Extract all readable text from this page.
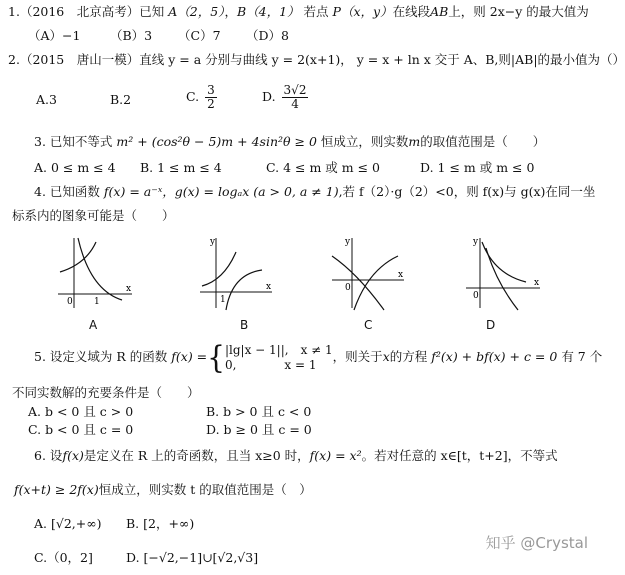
1.（2016　北京高考）已知 A（2，5），B（4，1） 若点 P（x，y）在线段AB上，则 2x−y 的最大值为
（A）−1 （B）3 （C）7 （D）8
2.（2015　唐山一模）直线 y = a 分别与曲线 y = 2(x+1)， y = x + ln x 交于 A、B,则|AB|的最小值为（）
A.3	B.2	C. $\frac{3}{2}$	D. $\frac{3√2}{4}$
3. 已知不等式 m² + (cos²θ − 5)m + 4sin²θ ≥ 0 恒成立，则实数m的取值范围是（　　）
A. 0 ≤ m ≤ 4 B. 1 ≤ m ≤ 4	C. 4 ≤ m 或 m ≤ 0	D. 1 ≤ m 或 m ≤ 0
4. 已知函数 f(x) = a⁻ˣ，g(x) = logₐx (a > 0, a ≠ 1),若 f（2）·g（2）<0，则 f(x)与 g(x)在同一坐
标系内的图象可能是（　　）
0 1
x
A
y
1
x
B
y
0
x
C
y
0
x
D
5. 设定义域为 R 的函数 f(x) ={ |lg|x − 1||,　x ≠ 1
0,　　　　x = 1
，则关于x的方程 f²(x) + bf(x) + c = 0 有 7 个
不同实数解的充要条件是（　　）
A. b < 0 且 c > 0	B. b > 0 且 c < 0
C. b < 0 且 c = 0	D. b ≥ 0 且 c = 0
6. 设f(x)是定义在 R 上的奇函数，且当 x≥0 时，f(x) = x²。若对任意的 x∈[t，t+2]，不等式
f(x+t) ≥ 2f(x)恒成立，则实数 t 的取值范围是（　）
A. [√2,+∞) B. [2，+∞)
C.（0，2]	D. [−√2,−1]∪[√2,√3]
知乎 @Crystal
